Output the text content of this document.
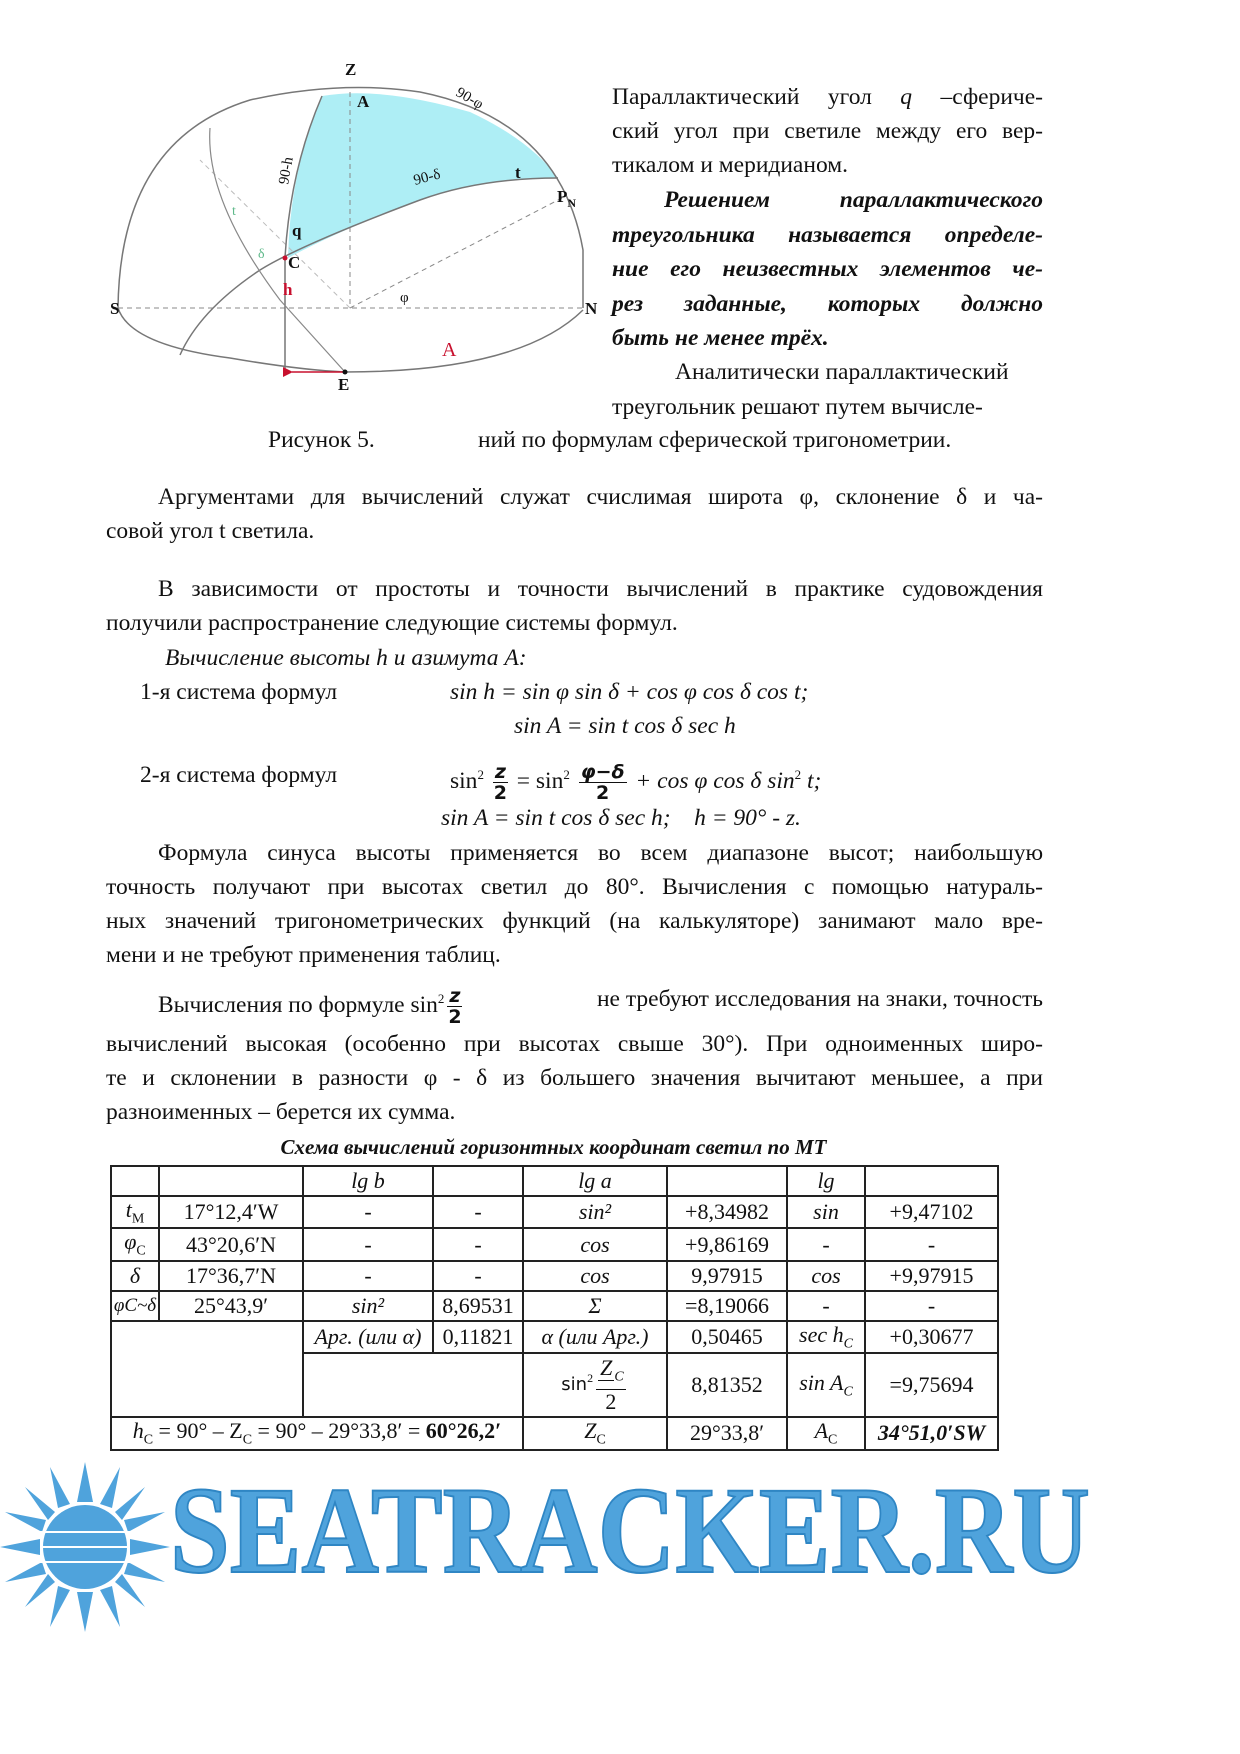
Z
A	90-φ
90-h	90-δ	t
$P_N$
q
C
h
δ
t
S	N
φ
A
E
Рисунок 5.
Параллактический угол q –сфериче-
ский угол при светиле между его вер-
тикалом и меридианом.
Решением параллактического
треугольника называется определе-
ние его неизвестных элементов че-
рез заданные, которых должно
быть не менее трёх.
Аналитически параллактический
треугольник решают путем вычисле-
ний по формулам сферической тригонометрии.
Аргументами для вычислений служат счислимая широта φ, склонение δ и ча-
совой угол t светила.
В зависимости от простоты и точности вычислений в практике судовождения
получили распространение следующие системы формул.
Вычисление высоты h и азимута A:
1-я система формул	sin h = sin φ sin δ + cos φ cos δ cos t;
sin A = sin t cos δ sec h
2-я система формул	$\sin^2 \frac{z}{2} = \sin^2 \frac{\varphi-\delta}{2} + \cos \varphi$ cos δ $\sin^2 t$;
sin A = sin t cos δ sec h;    h = 90° - z.
Формула синуса высоты применяется во всем диапазоне высот; наибольшую
точность получают при высотах светил до 80°. Вычисления с помощью натураль-
ных значений тригонометрических функций (на калькуляторе) занимают мало вре-
мени и не требуют применения таблиц.
Вычисления по формуле $\sin^2 \frac{z}{2}$	не требуют исследования на знаки, точность
вычислений высокая (особенно при высотах свыше 30°). При одноименных широ-
те и склонении в разности φ - δ из большего значения вычитают меньшее, а при
разноименных – берется их сумма.
Схема вычислений горизонтных координат светил по МТ
		lg b		lg a		lg	
$t_M$	17°12,4′W	-	-	sin²	+8,34982	sin	+9,47102
$\varphi_C$	43°20,6′N	-	-	cos	+9,86169	-	-
δ	17°36,7′N	-	-	cos	9,97915	cos	+9,97915
φC~δ	25°43,9′	sin²	8,69531	Σ	=8,19066	-	-
		Арг. (или α)	0,11821	α (или Арг.)	0,50465	$\sec h_C$	+0,30677
				$\sin^2 \frac{Z _C}{2}$	8,81352	$\sin A_C$	=9,75694
$h_C = 90^\circ - Z_C = 90^\circ - 29^\circ 33,8' = 60^\circ 26,2'$				$Z_C$	29°33,8′	$A_C$	34°51,0′SW
SEATRACKER.RU
